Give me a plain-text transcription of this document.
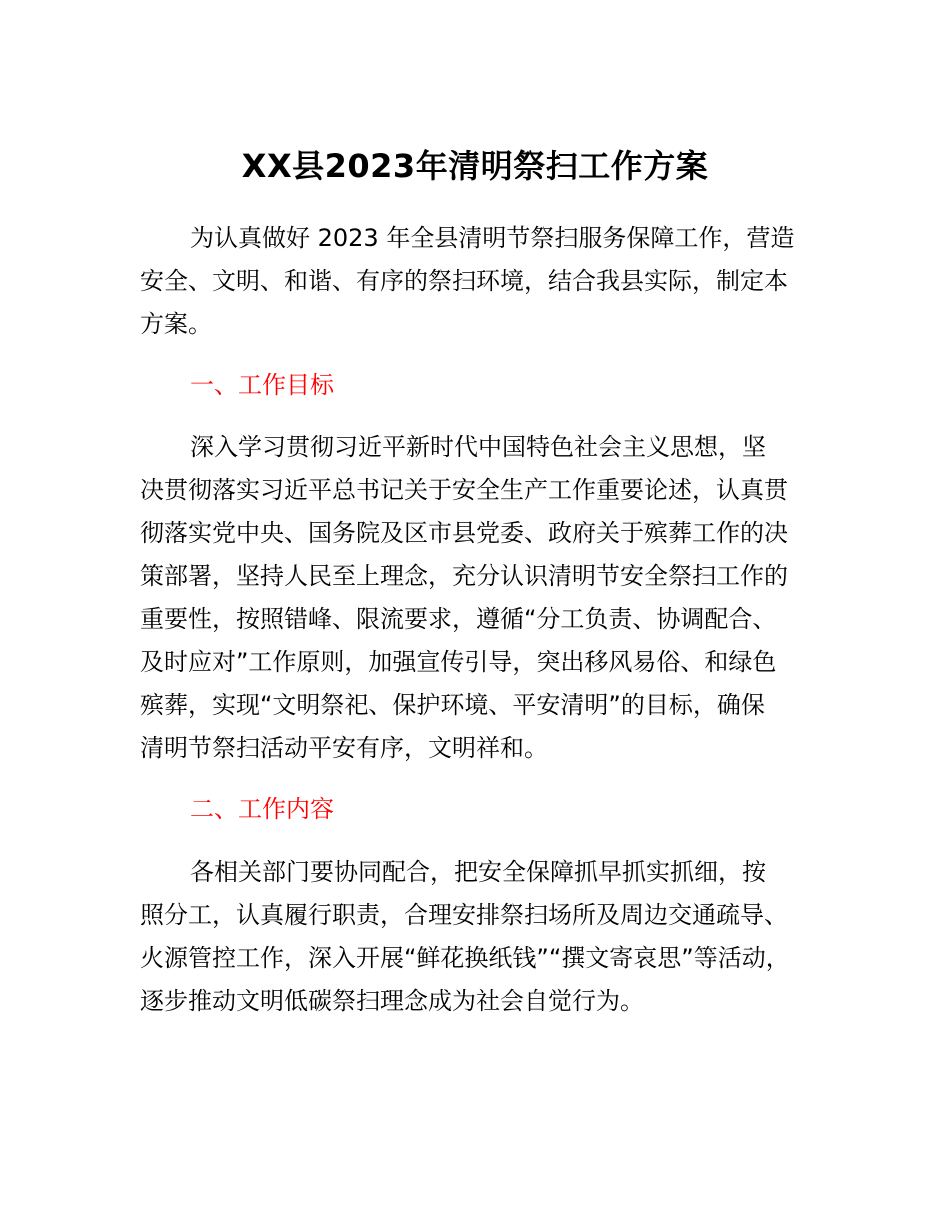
XX县2023年清明祭扫工作方案
为认真做好 2023 年全县清明节祭扫服务保障工作，营造
安全、文明、和谐、有序的祭扫环境，结合我县实际，制定本
方案。
一、工作目标
深入学习贯彻习近平新时代中国特色社会主义思想，坚
决贯彻落实习近平总书记关于安全生产工作重要论述，认真贯
彻落实党中央、国务院及区市县党委、政府关于殡葬工作的决
策部署，坚持人民至上理念，充分认识清明节安全祭扫工作的
重要性，按照错峰、限流要求，遵循“分工负责、协调配合、
及时应对”工作原则，加强宣传引导，突出移风易俗、和绿色
殡葬，实现“文明祭祀、保护环境、平安清明”的目标，确保
清明节祭扫活动平安有序，文明祥和。
二、工作内容
各相关部门要协同配合，把安全保障抓早抓实抓细，按
照分工，认真履行职责，合理安排祭扫场所及周边交通疏导、
火源管控工作，深入开展“鲜花换纸钱”“撰文寄哀思”等活动，
逐步推动文明低碳祭扫理念成为社会自觉行为。
